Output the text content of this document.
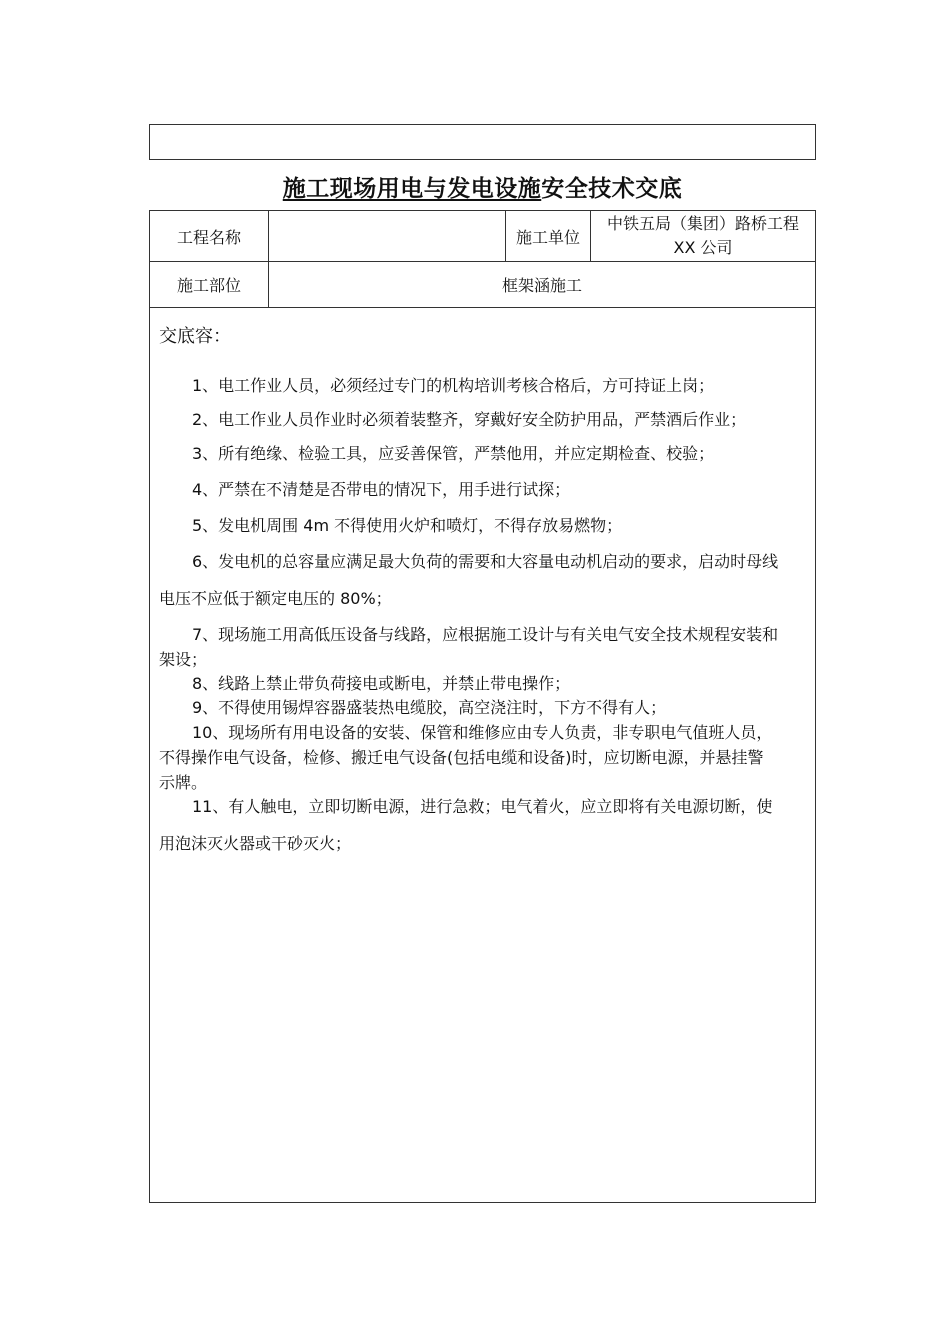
施工现场用电与发电设施安全技术交底
工程名称	施工单位
中铁五局（集团）路桥工程
XX 公司
施工部位	框架涵施工
交底容：
1、电工作业人员，必须经过专门的机构培训考核合格后，方可持证上岗；
2、电工作业人员作业时必须着装整齐，穿戴好安全防护用品，严禁酒后作业；
3、所有绝缘、检验工具，应妥善保管，严禁他用，并应定期检查、校验；
4、严禁在不清楚是否带电的情况下，用手进行试探；
5、发电机周围 4m 不得使用火炉和喷灯，不得存放易燃物；
6、发电机的总容量应满足最大负荷的需要和大容量电动机启动的要求，启动时母线
电压不应低于额定电压的 80%；
7、现场施工用高低压设备与线路，应根据施工设计与有关电气安全技术规程安装和
架设；
8、线路上禁止带负荷接电或断电，并禁止带电操作；
9、不得使用锡焊容器盛装热电缆胶，高空浇注时，下方不得有人；
10、现场所有用电设备的安装、保管和维修应由专人负责，非专职电气值班人员，
不得操作电气设备，检修、搬迁电气设备(包括电缆和设备)时，应切断电源，并悬挂警
示牌。
11、有人触电，立即切断电源，进行急救；电气着火，应立即将有关电源切断，使
用泡沫灭火器或干砂灭火；
